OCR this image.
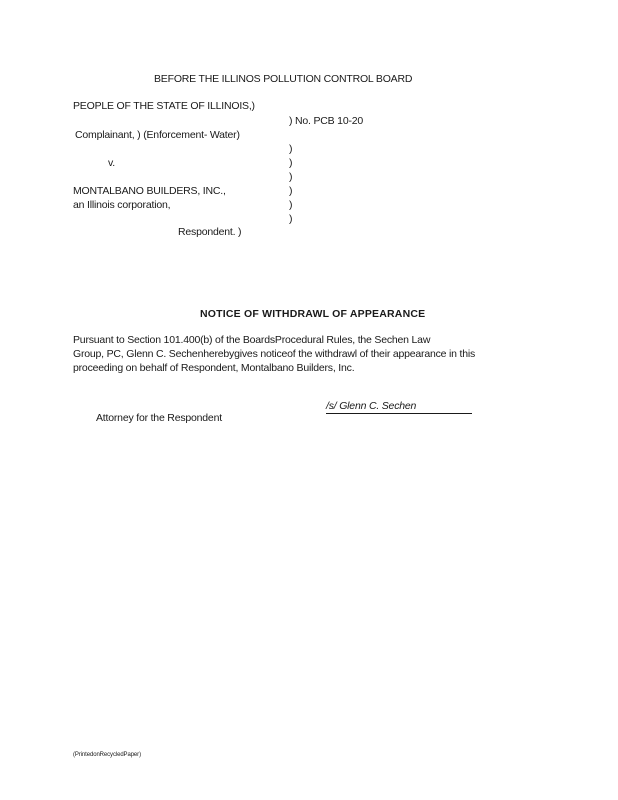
BEFORE THE ILLINOS POLLUTION CONTROL BOARD
PEOPLE OF THE STATE OF ILLINOIS,)
) No. PCB 10-20
Complainant, ) (Enforcement- Water)
)
v.	)
)
MONTALBANO BUILDERS, INC.,	)
an Illinois corporation,	)
)
Respondent. )
NOTICE OF WITHDRAWL OF APPEARANCE
Pursuant to Section 101.400(b) of the BoardsProcedural Rules, the Sechen Law
Group, PC, Glenn C. Sechenherebygives noticeof the withdrawl of their appearance in this
proceeding on behalf of Respondent, Montalbano Builders, Inc.
/s/ Glenn C. Sechen
Attorney for the Respondent
(PrintedonRecycledPaper)
